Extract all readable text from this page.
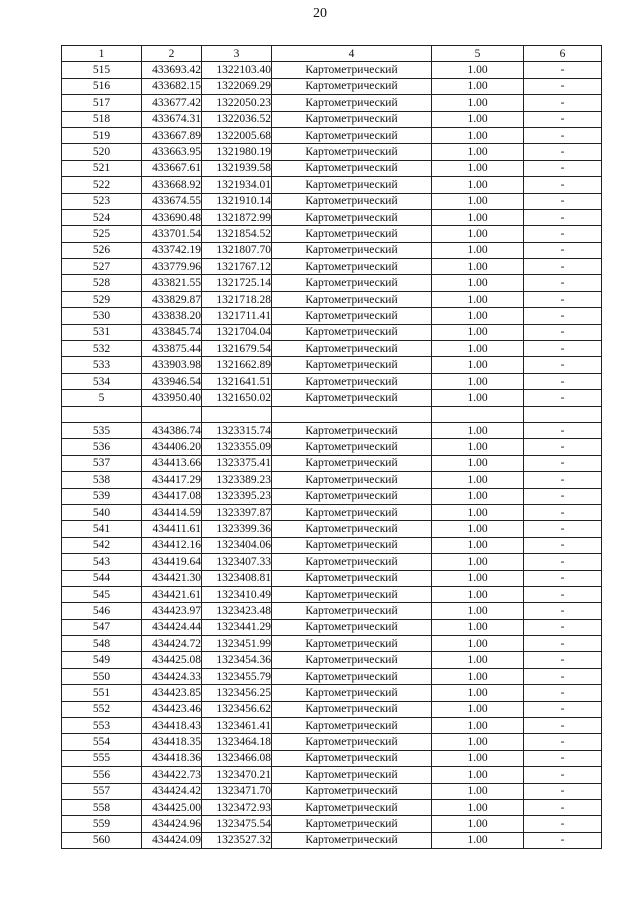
20
1	2	3	4	5	6
515	433693.42	1322103.40	Картометрический	1.00	-
516	433682.15	1322069.29	Картометрический	1.00	-
517	433677.42	1322050.23	Картометрический	1.00	-
518	433674.31	1322036.52	Картометрический	1.00	-
519	433667.89	1322005.68	Картометрический	1.00	-
520	433663.95	1321980.19	Картометрический	1.00	-
521	433667.61	1321939.58	Картометрический	1.00	-
522	433668.92	1321934.01	Картометрический	1.00	-
523	433674.55	1321910.14	Картометрический	1.00	-
524	433690.48	1321872.99	Картометрический	1.00	-
525	433701.54	1321854.52	Картометрический	1.00	-
526	433742.19	1321807.70	Картометрический	1.00	-
527	433779.96	1321767.12	Картометрический	1.00	-
528	433821.55	1321725.14	Картометрический	1.00	-
529	433829.87	1321718.28	Картометрический	1.00	-
530	433838.20	1321711.41	Картометрический	1.00	-
531	433845.74	1321704.04	Картометрический	1.00	-
532	433875.44	1321679.54	Картометрический	1.00	-
533	433903.98	1321662.89	Картометрический	1.00	-
534	433946.54	1321641.51	Картометрический	1.00	-
5	433950.40	1321650.02	Картометрический	1.00	-

535	434386.74	1323315.74	Картометрический	1.00	-
536	434406.20	1323355.09	Картометрический	1.00	-
537	434413.66	1323375.41	Картометрический	1.00	-
538	434417.29	1323389.23	Картометрический	1.00	-
539	434417.08	1323395.23	Картометрический	1.00	-
540	434414.59	1323397.87	Картометрический	1.00	-
541	434411.61	1323399.36	Картометрический	1.00	-
542	434412.16	1323404.06	Картометрический	1.00	-
543	434419.64	1323407.33	Картометрический	1.00	-
544	434421.30	1323408.81	Картометрический	1.00	-
545	434421.61	1323410.49	Картометрический	1.00	-
546	434423.97	1323423.48	Картометрический	1.00	-
547	434424.44	1323441.29	Картометрический	1.00	-
548	434424.72	1323451.99	Картометрический	1.00	-
549	434425.08	1323454.36	Картометрический	1.00	-
550	434424.33	1323455.79	Картометрический	1.00	-
551	434423.85	1323456.25	Картометрический	1.00	-
552	434423.46	1323456.62	Картометрический	1.00	-
553	434418.43	1323461.41	Картометрический	1.00	-
554	434418.35	1323464.18	Картометрический	1.00	-
555	434418.36	1323466.08	Картометрический	1.00	-
556	434422.73	1323470.21	Картометрический	1.00	-
557	434424.42	1323471.70	Картометрический	1.00	-
558	434425.00	1323472.93	Картометрический	1.00	-
559	434424.96	1323475.54	Картометрический	1.00	-
560	434424.09	1323527.32	Картометрический	1.00	-
